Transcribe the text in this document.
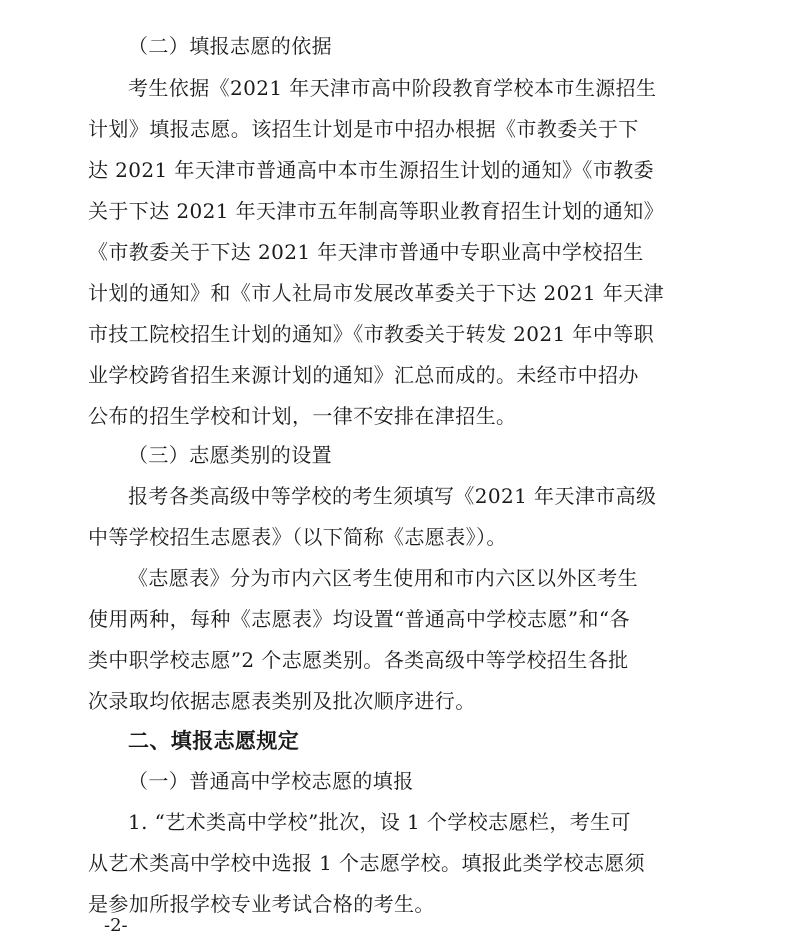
（二）填报志愿的依据

考生依据《2021 年天津市高中阶段教育学校本市生源招生

计划》填报志愿。该招生计划是市中招办根据《市教委关于下

达 2021 年天津市普通高中本市生源招生计划的通知》《市教委

关于下达 2021 年天津市五年制高等职业教育招生计划的通知》

《市教委关于下达 2021 年天津市普通中专职业高中学校招生

计划的通知》和《市人社局市发展改革委关于下达 2021 年天津

市技工院校招生计划的通知》《市教委关于转发 2021 年中等职

业学校跨省招生来源计划的通知》汇总而成的。未经市中招办

公布的招生学校和计划，一律不安排在津招生。

（三）志愿类别的设置

报考各类高级中等学校的考生须填写《2021 年天津市高级

中等学校招生志愿表》（以下简称《志愿表》）。

《志愿表》分为市内六区考生使用和市内六区以外区考生

使用两种，每种《志愿表》均设置“普通高中学校志愿”和“各

类中职学校志愿”2 个志愿类别。各类高级中等学校招生各批

次录取均依据志愿表类别及批次顺序进行。

二、填报志愿规定

（一）普通高中学校志愿的填报

1. “艺术类高中学校”批次，设 1 个学校志愿栏，考生可

从艺术类高中学校中选报 1 个志愿学校。填报此类学校志愿须

是参加所报学校专业考试合格的考生。

-2-
